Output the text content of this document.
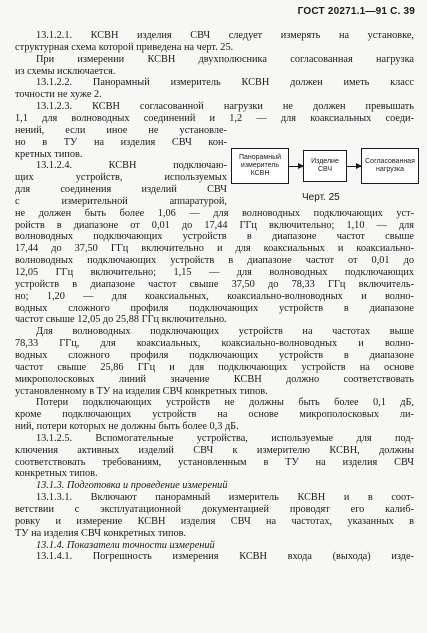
ГОСТ 20271.1—91 С. 39
13.1.2.1. КСВН изделия СВЧ следует измерять на установке,
структурная схема которой приведена на черт. 25.
При измерении КСВН двухполюсника согласованная нагрузка
из схемы исключается.
13.1.2.2. Панорамный измеритель КСВН должен иметь класс
точности не хуже 2.
13.1.2.3. КСВН согласованной нагрузки не должен превышать
1,1 для волноводных соединений и 1,2 — для коаксиальных соеди-
нений, если иное не установле-
но в ТУ на изделия СВЧ кон-
кретных типов.
13.1.2.4. КСВН подключаю-
щих устройств, используемых
для соединения изделий СВЧ
с измерительной аппаратурой,
не должен быть более 1,06 — для волноводных подключающих уст-
ройств в диапазоне от 0,01 до 17,44 ГГц включительно; 1,10 — для
волноводных подключающих устройств в диапазоне частот свыше
17,44 до 37,50 ГГц включительно и для коаксиальных и коаксиально-
волноводных подключающих устройств в диапазоне частот от 0,01 до
12,05 ГГц включительно; 1,15 — для волноводных подключающих
устройств в диапазоне частот свыше 37,50 до 78,33 ГГц включитель-
но; 1,20 — для коаксиальных, коаксиально-волноводных и волно-
водных сложного профиля подключающих устройств в диапазоне
частот свыше 12,05 до 25,88 ГГц включительно.
Для волноводных подключающих устройств на частотах выше
78,33 ГГц, для коаксиальных, коаксиально-волноводных и волно-
водных сложного профиля подключающих устройств в диапазоне
частот свыше 25,86 ГГц и для подключающих устройств на основе
микрополосковых линий значение КСВН должно соответствовать
установленному в ТУ на изделия СВЧ конкретных типов.
Потери подключающих устройств не должны быть более 0,1 дБ,
кроме подключающих устройств на основе микрополосковых ли-
ний, потери которых не должны быть более 0,3 дБ.
13.1.2.5. Вспомогательные устройства, используемые для под-
ключения активных изделий СВЧ к измерителю КСВН, должны
соответствовать требованиям, установленным в ТУ на изделия СВЧ
конкретных типов.
13.1.3. Подготовка и проведение измерений
13.1.3.1. Включают панорамный измеритель КСВН и в соот-
ветствии с эксплуатационной документацией проводят его калиб-
ровку и измерение КСВН изделия СВЧ на частотах, указанных в
ТУ на изделия СВЧ конкретных типов.
13.1.4. Показатели точности измерений
13.1.4.1. Погрешность измерения КСВН входа (выхода) изде-
Панорамный измеритель КСВН
Изделие СВЧ
Согласованная нагрузка
Черт. 25
